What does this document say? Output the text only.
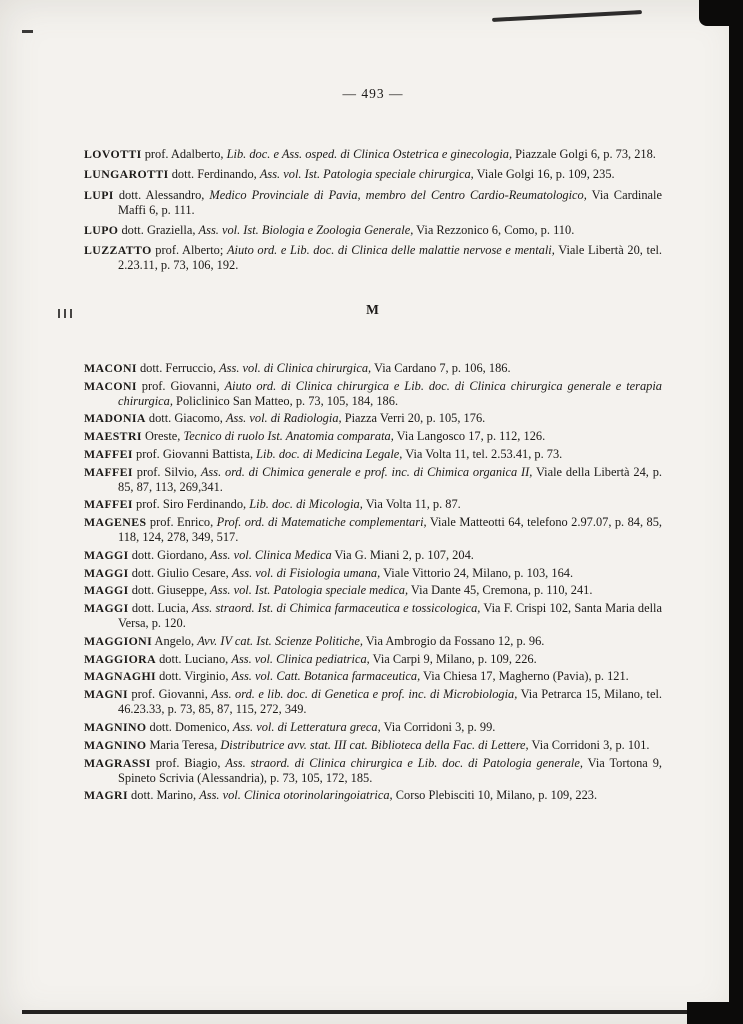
— 493 —

LOVOTTI prof. Adalberto, Lib. doc. e Ass. osped. di Clinica Ostetrica e ginecologia, Piazzale Golgi 6, p. 73, 218.

LUNGAROTTI dott. Ferdinando, Ass. vol. Ist. Patologia speciale chirurgica, Viale Golgi 16, p. 109, 235.

LUPI dott. Alessandro, Medico Provinciale di Pavia, membro del Centro Cardio-Reumatologico, Via Cardinale Maffi 6, p. 111.

LUPO dott. Graziella, Ass. vol. Ist. Biologia e Zoologia Generale, Via Rezzonico 6, Como, p. 110.

LUZZATTO prof. Alberto; Aiuto ord. e Lib. doc. di Clinica delle malattie nervose e mentali, Viale Libertà 20, tel. 2.23.11, p. 73, 106, 192.

M

MACONI dott. Ferruccio, Ass. vol. di Clinica chirurgica, Via Cardano 7, p. 106, 186.

MACONI prof. Giovanni, Aiuto ord. di Clinica chirurgica e Lib. doc. di Clinica chirurgica generale e terapia chirurgica, Policlinico San Matteo, p. 73, 105, 184, 186.

MADONIA dott. Giacomo, Ass. vol. di Radiologia, Piazza Verri 20, p. 105, 176.

MAESTRI Oreste, Tecnico di ruolo Ist. Anatomia comparata, Via Langosco 17, p. 112, 126.

MAFFEI prof. Giovanni Battista, Lib. doc. di Medicina Legale, Via Volta 11, tel. 2.53.41, p. 73.

MAFFEI prof. Silvio, Ass. ord. di Chimica generale e prof. inc. di Chimica organica II, Viale della Libertà 24, p. 85, 87, 113, 269,341.

MAFFEI prof. Siro Ferdinando, Lib. doc. di Micologia, Via Volta 11, p. 87.

MAGENES prof. Enrico, Prof. ord. di Matematiche complementari, Viale Matteotti 64, telefono 2.97.07, p. 84, 85, 118, 124, 278, 349, 517.

MAGGI dott. Giordano, Ass. vol. Clinica Medica Via G. Miani 2, p. 107, 204.

MAGGI dott. Giulio Cesare, Ass. vol. di Fisiologia umana, Viale Vittorio 24, Milano, p. 103, 164.

MAGGI dott. Giuseppe, Ass. vol. Ist. Patologia speciale medica, Via Dante 45, Cremona, p. 110, 241.

MAGGI dott. Lucia, Ass. straord. Ist. di Chimica farmaceutica e tossicologica, Via F. Crispi 102, Santa Maria della Versa, p. 120.

MAGGIONI Angelo, Avv. IV cat. Ist. Scienze Politiche, Via Ambrogio da Fossano 12, p. 96.

MAGGIORA dott. Luciano, Ass. vol. Clinica pediatrica, Via Carpi 9, Milano, p. 109, 226.

MAGNAGHI dott. Virginio, Ass. vol. Catt. Botanica farmaceutica, Via Chiesa 17, Magherno (Pavia), p. 121.

MAGNI prof. Giovanni, Ass. ord. e lib. doc. di Genetica e prof. inc. di Microbiologia, Via Petrarca 15, Milano, tel. 46.23.33, p. 73, 85, 87, 115, 272, 349.

MAGNINO dott. Domenico, Ass. vol. di Letteratura greca, Via Corridoni 3, p. 99.

MAGNINO Maria Teresa, Distributrice avv. stat. III cat. Biblioteca della Fac. di Lettere, Via Corridoni 3, p. 101.

MAGRASSI prof. Biagio, Ass. straord. di Clinica chirurgica e Lib. doc. di Patologia generale, Via Tortona 9, Spineto Scrivia (Alessandria), p. 73, 105, 172, 185.

MAGRI dott. Marino, Ass. vol. Clinica otorinolaringoiatrica, Corso Plebisciti 10, Milano, p. 109, 223.
